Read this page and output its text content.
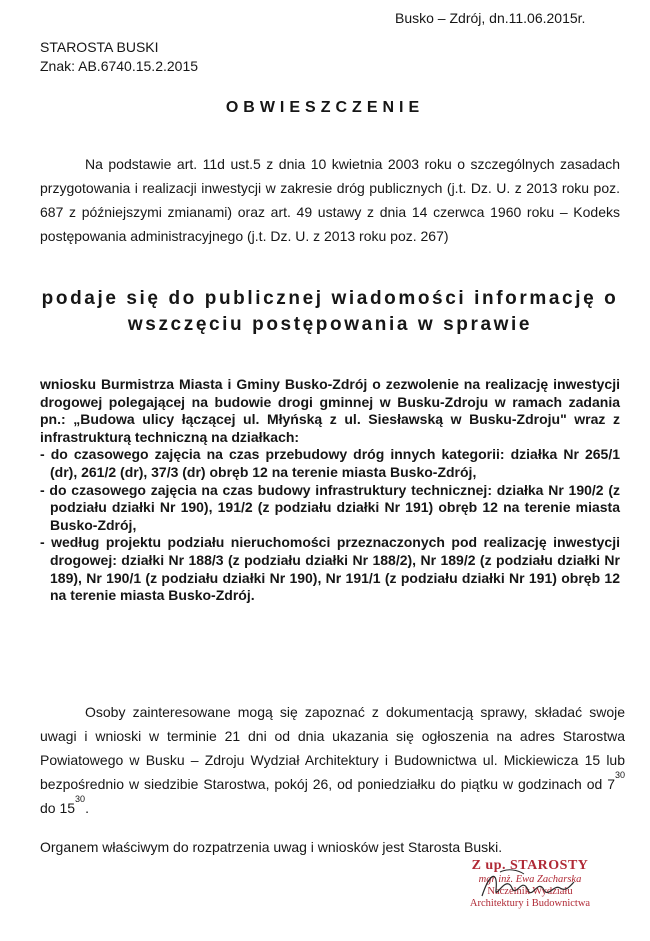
Busko – Zdrój, dn.11.06.2015r.
STAROSTA BUSKI
Znak: AB.6740.15.2.2015
OBWIESZCZENIE
Na podstawie art. 11d ust.5 z dnia 10 kwietnia 2003 roku o szczególnych zasadach przygotowania i realizacji inwestycji w zakresie dróg publicznych (j.t. Dz. U. z 2013 roku poz. 687 z późniejszymi zmianami) oraz art. 49 ustawy z dnia 14 czerwca 1960 roku – Kodeks postępowania administracyjnego (j.t. Dz. U. z 2013 roku poz. 267)
podaje się do publicznej wiadomości informację o wszczęciu postępowania w sprawie

wniosku Burmistrza Miasta i Gminy Busko-Zdrój o zezwolenie na realizację inwestycji drogowej polegającej na budowie drogi gminnej w Busku-Zdroju w ramach zadania pn.: „Budowa ulicy łączącej ul. Młyńską z ul. Siesławską w Busku-Zdroju" wraz z infrastrukturą techniczną na działkach:

- do czasowego zajęcia na czas przebudowy dróg innych kategorii: działka Nr 265/1 (dr), 261/2 (dr), 37/3 (dr) obręb 12 na terenie miasta Busko-Zdrój,

- do czasowego zajęcia na czas budowy infrastruktury technicznej: działka Nr 190/2 (z podziału działki Nr 190), 191/2 (z podziału działki Nr 191) obręb 12 na terenie miasta Busko-Zdrój,

- według projektu podziału nieruchomości przeznaczonych pod realizację inwestycji drogowej: działki Nr 188/3 (z podziału działki Nr 188/2), Nr 189/2 (z podziału działki Nr 189), Nr 190/1 (z podziału działki Nr 190), Nr 191/1 (z podziału działki Nr 191) obręb 12 na terenie miasta Busko-Zdrój.

Osoby zainteresowane mogą się zapoznać z dokumentacją sprawy, składać swoje uwagi i wnioski w terminie 21 dni od dnia ukazania się ogłoszenia na adres Starostwa Powiatowego w Busku – Zdroju Wydział Architektury i Budownictwa ul. Mickiewicza 15 lub bezpośrednio w siedzibie Starostwa, pokój 26, od poniedziałku do piątku w godzinach od $7^{30}$ do $15^{30}$.

Organem właściwym do rozpatrzenia uwag i wniosków jest Starosta Buski.
Z up. STAROSTY
mgr inż. Ewa Zacharska
Naczelnik Wydziału
Architektury i Budownictwa
